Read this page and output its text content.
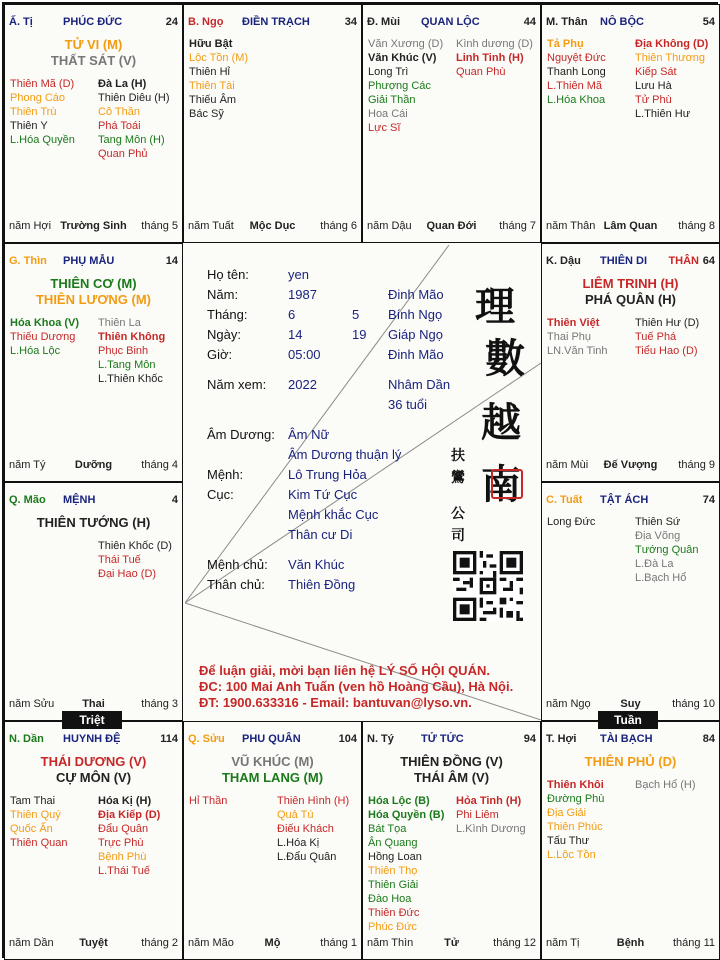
Ấ. Tị	PHÚC ĐỨC	24
TỬ VI (M)
THẤT SÁT (V)
Thiên Mã (D)
Phong Cáo
Thiên Trù
Thiên Y
L.Hóa Quyền
Đà La (H)
Thiên Diêu (H)
Cô Thần
Phá Toái
Tang Môn (H)
Quan Phủ
năm Hợi Trường Sinh tháng 5
B. Ngọ ĐIỀN TRẠCH	34
Hữu Bật
Lộc Tồn (M)
Thiên Hỉ
Thiên Tài
Thiếu Âm
Bác Sỹ
năm Tuất Mộc Dục tháng 6
Đ. Mùi QUAN LỘC	44
Văn Xương (D)
Văn Khúc (V)
Long Trì
Phượng Các
Giải Thần
Hoa Cái
Lực Sĩ
Kình dương (D)
Linh Tinh (H)
Quan Phù
năm Dậu Quan Đới tháng 7
M. Thân NÔ BỘC	54
Tả Phụ
Nguyệt Đức
Thanh Long
L.Thiên Mã
L.Hóa Khoa
Địa Không (D)
Thiên Thương
Kiếp Sát
Lưu Hà
Tử Phù
L.Thiên Hư
năm Thân Lâm Quan tháng 8
G. Thìn PHỤ MẪU	14
THIÊN CƠ (M)
THIÊN LƯƠNG (M)
Hóa Khoa (V)
Thiếu Dương
L.Hóa Lộc
Thiên La
Thiên Không
Phục Binh
L.Tang Môn
L.Thiên Khốc
năm Tý	Dưỡng	tháng 4
K. Dậu THIÊN DI THÂN 64
LIÊM TRINH (H)
PHÁ QUÂN (H)
Thiên Việt
Thai Phụ
LN.Văn Tinh
Thiên Hư (D)
Tuế Phá
Tiểu Hao (D)
năm Mùi Đế Vượng tháng 9
Q. Mão MỆNH	4
THIÊN TƯỚNG (H)
Thiên Khốc (D)
Thái Tuế
Đại Hao (D)
năm Sửu	Thai	tháng 3
C. Tuất TẬT ÁCH	74
Long Đức	Thiên Sứ
Địa Võng
Tướng Quân
L.Đà La
L.Bạch Hổ
năm Ngọ	Suy	tháng 10
N. Dần HUYNH ĐỆ	114
THÁI DƯƠNG (V)
CỰ MÔN (V)
Tam Thai
Thiên Quý
Quốc Ấn
Thiên Quan
Hóa Kị (H)
Địa Kiếp (D)
Đẩu Quân
Trực Phù
Bệnh Phù
L.Thái Tuế
năm Dần Tuyệt	tháng 2
Q. Sửu PHU QUÂN	104
VŨ KHÚC (M)
THAM LANG (M)
Hỉ Thần	Thiên Hình (H)
Quả Tú
Điếu Khách
L.Hóa Kị
L.Đẩu Quân
năm Mão	Mộ	tháng 1
N. Tý TỬ TỨC	94
THIÊN ĐỒNG (V)
THÁI ÂM (V)
Hóa Lộc (B)
Hóa Quyền (B)
Bát Tọa
Ân Quang
Hồng Loan
Thiên Thọ
Thiên Giải
Đào Hoa
Thiên Đức
Phúc Đức
Hỏa Tinh (H)
Phi Liêm
L.Kình Dương
năm Thìn	Tử	tháng 12
T. Hợi TÀI BẠCH	84
THIÊN PHỦ (D)
Thiên Khôi
Đường Phù
Địa Giải
Thiên Phúc
Tấu Thư
L.Lộc Tồn
Bạch Hổ (H)
năm Tị	Bệnh	tháng 11
Họ tên:	yen
Năm:	1987	Đinh Mão
Tháng:	6	5 Bính Ngọ
Ngày:	14	19 Giáp Ngọ
Giờ:	05:00	Đinh Mão
Năm xem: 2022	Nhâm Dần
36 tuổi
Âm Dương: Âm Nữ
Âm Dương thuận lý
Mệnh:	Lô Trung Hỏa
Cục:	Kim Tứ Cục
Mệnh khắc Cục
Thân cư Di
Mệnh chủ: Văn Khúc
Thân chủ: Thiên Đồng
理
數
越
南
扶
鸞
公
司
Để luận giải, mời bạn liên hệ LÝ SỐ HỘI QUÁN.
ĐC: 100 Mai Anh Tuấn (ven hồ Hoàng Cầu), Hà Nội.
ĐT: 1900.633316 - Email: bantuvan@lyso.vn.
Triệt	Tuần
